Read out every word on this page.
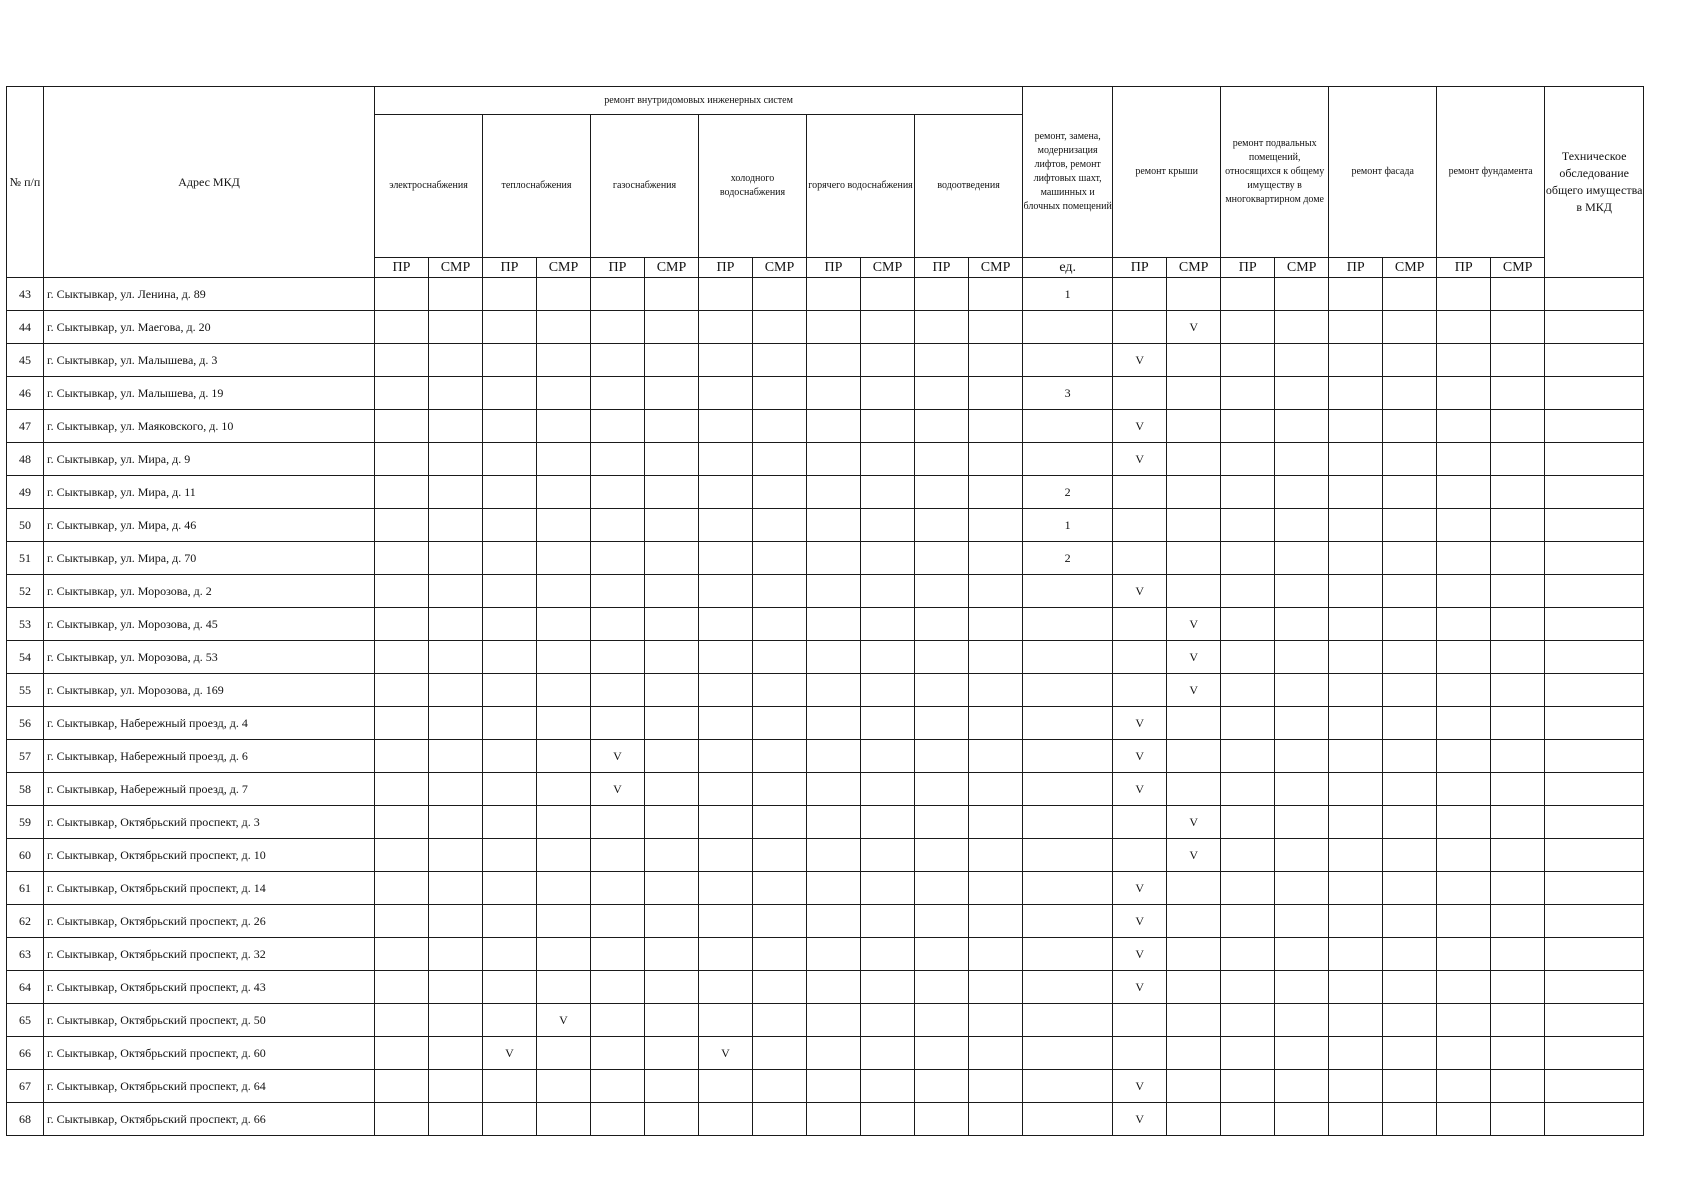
№ п/п	Адрес МКД	ремонт внутридомовых инженерных систем												ремонт, замена, модернизация лифтов, ремонт лифтовых шахт, машинных и блочных помещений	ремонт крыши		ремонт подвальных помещений, относящихся к общему имуществу в многоквартирном доме		ремонт фасада		ремонт фундамента		Техническое обследование общего имущества в МКД	
		электроснабжения		теплоснабжения		газоснабжения		холодного водоснабжения		горячего водоснабжения		водоотведения												
		ПР	СМР	ПР	СМР	ПР	СМР	ПР	СМР	ПР	СМР	ПР	СМР	ед.	ПР	СМР	ПР	СМР	ПР	СМР	ПР	СМР		
43	г. Сыктывкар, ул. Ленина, д. 89													1										
44	г. Сыктывкар, ул. Маегова, д. 20															V								
45	г. Сыктывкар, ул. Малышева, д. 3														V									
46	г. Сыктывкар, ул. Малышева, д. 19													3										
47	г. Сыктывкар, ул. Маяковского, д. 10														V									
48	г. Сыктывкар, ул. Мира, д. 9														V									
49	г. Сыктывкар, ул. Мира, д. 11													2										
50	г. Сыктывкар, ул. Мира, д. 46													1										
51	г. Сыктывкар, ул. Мира, д. 70													2										
52	г. Сыктывкар, ул. Морозова, д. 2														V									
53	г. Сыктывкар, ул. Морозова, д. 45															V								
54	г. Сыктывкар, ул. Морозова, д. 53															V								
55	г. Сыктывкар, ул. Морозова, д. 169															V								
56	г. Сыктывкар, Набережный проезд, д. 4														V									
57	г. Сыктывкар, Набережный проезд, д. 6					V									V									
58	г. Сыктывкар, Набережный проезд, д. 7					V									V									
59	г. Сыктывкар, Октябрьский проспект, д. 3															V								
60	г. Сыктывкар, Октябрьский проспект, д. 10															V								
61	г. Сыктывкар, Октябрьский проспект, д. 14														V									
62	г. Сыктывкар, Октябрьский проспект, д. 26														V									
63	г. Сыктывкар, Октябрьский проспект, д. 32														V									
64	г. Сыктывкар, Октябрьский проспект, д. 43														V									
65	г. Сыктывкар, Октябрьский проспект, д. 50				V																			
66	г. Сыктывкар, Октябрьский проспект, д. 60			V				V																
67	г. Сыктывкар, Октябрьский проспект, д. 64														V									
68	г. Сыктывкар, Октябрьский проспект, д. 66														V									
